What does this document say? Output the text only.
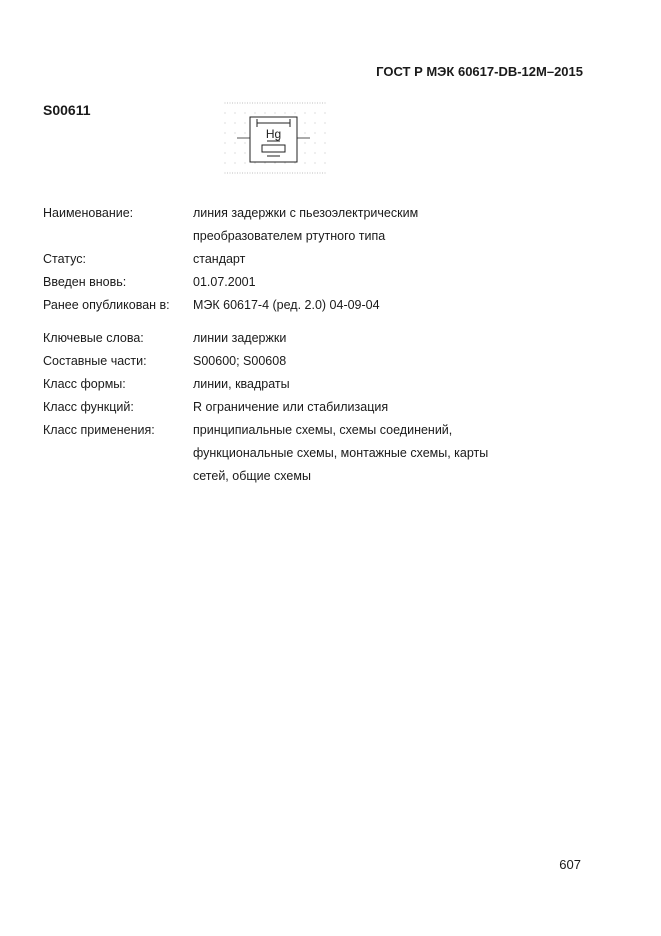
ГОСТ Р МЭК 60617-DB-12M–2015
S00611
Hg
Наименование:	линия задержки с пьезоэлектрическим
преобразователем ртутного типа
Статус:	стандарт
Введен вновь:	01.07.2001
Ранее опубликован в:	МЭК 60617-4 (ред. 2.0) 04-09-04
Ключевые слова:	линии задержки
Составные части:	S00600; S00608
Класс формы:	линии, квадраты
Класс функций:	R ограничение или стабилизация
Класс применения:	принципиальные схемы, схемы соединений,
функциональные схемы, монтажные схемы, карты
сетей, общие схемы
607
